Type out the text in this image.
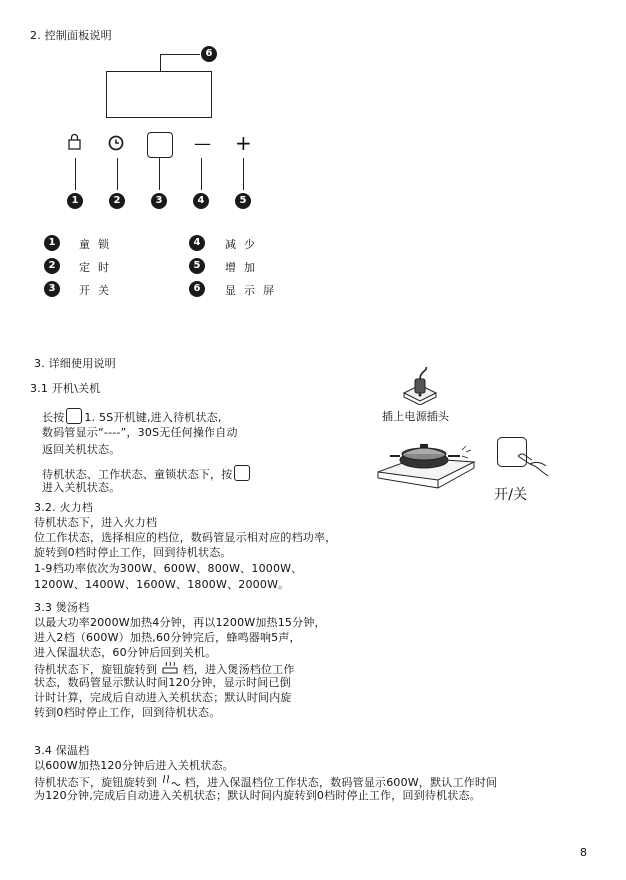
2. 控制面板说明
6
— +
1	2	3	4	5
1	童锁
2	定时
3	开关
4	减少
5	增加
6	显示屏
3. 详细使用说明
3.1 开机\关机
长按 1. 5S开机键,进入待机状态,
数码管显示“----”，30S无任何操作自动
返回关机状态。
待机状态、工作状态、童锁状态下，按
进入关机状态。
插上电源插头
开/关
3.2. 火力档
待机状态下，进入火力档
位工作状态，选择相应的档位，数码管显示相对应的档功率，
旋转到0档时停止工作，回到待机状态。
1-9档功率依次为300W、600W、800W、1000W、
1200W、1400W、1600W、1800W、2000W。
3.3 煲汤档
以最大功率2000W加热4分钟，再以1200W加热15分钟，
进入2档（600W）加热,60分钟完后，蜂鸣器响5声，
进入保温状态，60分钟后回到关机。
待机状态下，旋钮旋转到 档，进入煲汤档位工作
状态，数码管显示默认时间120分钟，显示时间已倒
计时计算，完成后自动进入关机状态；默认时间内旋
转到0档时停止工作，回到待机状态。
3.4 保温档
以600W加热120分钟后进入关机状态。
待机状态下，旋钮旋转到 档，进入保温档位工作状态，数码管显示600W，默认工作时间
为120分钟,完成后自动进入关机状态；默认时间内旋转到0档时停止工作，回到待机状态。
8
